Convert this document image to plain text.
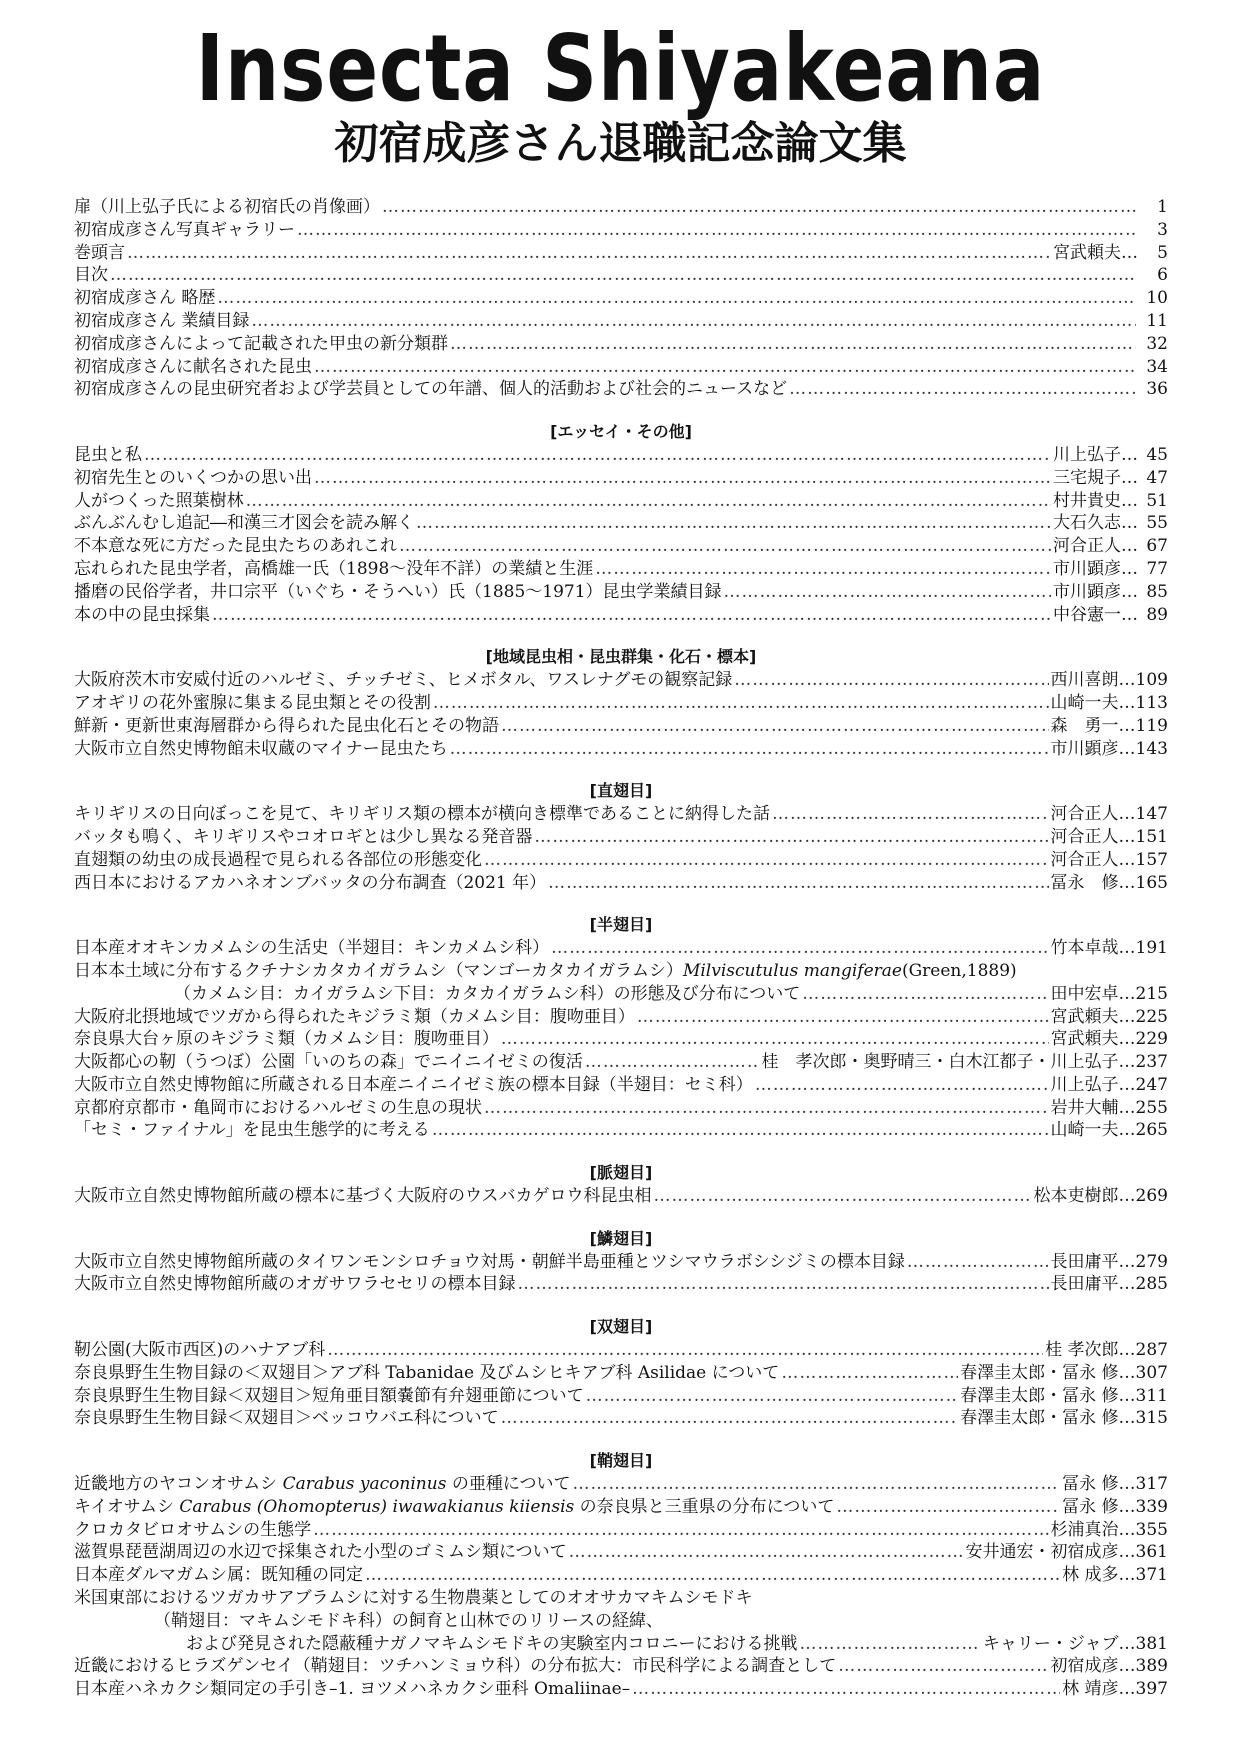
Insecta Shiyakeana
初宿成彦さん退職記念論文集
扉（川上弘子氏による初宿氏の肖像画） ………………………………………………………………………………………………………………………………………………………………………………………………………………	1
初宿成彦さん写真ギャラリー ………………………………………………………………………………………………………………………………………………………………………………………………………………	3
巻頭言 ………………………………………………………………………………………………………………………………………………………………………………………………………………	宮武頼夫 …	5
目次 ………………………………………………………………………………………………………………………………………………………………………………………………………………	6
初宿成彦さん 略歴 ………………………………………………………………………………………………………………………………………………………………………………………………………………	10
初宿成彦さん 業績目録 ………………………………………………………………………………………………………………………………………………………………………………………………………………	11
初宿成彦さんによって記載された甲虫の新分類群 ………………………………………………………………………………………………………………………………………………………………………………………………………………	32
初宿成彦さんに献名された昆虫 ………………………………………………………………………………………………………………………………………………………………………………………………………………	34
初宿成彦さんの昆虫研究者および学芸員としての年譜、個人的活動および社会的ニュースなど ………………………………………………………………………………………………………………………………………………………………………………………………………………	36
[エッセイ・その他]
昆虫と私 ………………………………………………………………………………………………………………………………………………………………………………………………………………	川上弘子 … 45
初宿先生とのいくつかの思い出 ………………………………………………………………………………………………………………………………………………………………………………………………………………	三宅規子 … 47
人がつくった照葉樹林 ………………………………………………………………………………………………………………………………………………………………………………………………………………	村井貴史 … 51
ぶんぶんむし追記―和漢三才図会を読み解く ………………………………………………………………………………………………………………………………………………………………………………………………………………	大石久志 … 55
不本意な死に方だった昆虫たちのあれこれ ………………………………………………………………………………………………………………………………………………………………………………………………………………	河合正人 … 67
忘れられた昆虫学者，高橋雄一氏（1898～没年不詳）の業績と生涯 ………………………………………………………………………………………………………………………………………………………………………………………………………………	市川顕彦 … 77
播磨の民俗学者，井口宗平（いぐち・そうへい）氏（1885～1971）昆虫学業績目録 ………………………………………………………………………………………………………………………………………………………………………………………………………………	市川顕彦 … 85
本の中の昆虫採集 ………………………………………………………………………………………………………………………………………………………………………………………………………………	中谷憲一 … 89
[地域昆虫相・昆虫群集・化石・標本]
大阪府茨木市安威付近のハルゼミ、チッチゼミ、ヒメボタル、ワスレナグモの観察記録 ………………………………………………………………………………………………………………………………………………………………………………………………………………	西川喜朗 … 109
アオギリの花外蜜腺に集まる昆虫類とその役割 ………………………………………………………………………………………………………………………………………………………………………………………………………………	山崎一夫 … 113
鮮新・更新世東海層群から得られた昆虫化石とその物語 ………………………………………………………………………………………………………………………………………………………………………………………………………………	森　勇一 … 119
大阪市立自然史博物館未収蔵のマイナー昆虫たち ………………………………………………………………………………………………………………………………………………………………………………………………………………	市川顕彦 … 143
[直翅目]
キリギリスの日向ぼっこを見て、キリギリス類の標本が横向き標準であることに納得した話 ………………………………………………………………………………………………………………………………………………………………………………………………………………	河合正人 … 147
バッタも鳴く、キリギリスやコオロギとは少し異なる発音器 ………………………………………………………………………………………………………………………………………………………………………………………………………………	河合正人 … 151
直翅類の幼虫の成長過程で見られる各部位の形態変化 ………………………………………………………………………………………………………………………………………………………………………………………………………………	河合正人 … 157
西日本におけるアカハネオンブバッタの分布調査（2021 年） ………………………………………………………………………………………………………………………………………………………………………………………………………………	冨永　修 … 165
[半翅目]
日本産オオキンカメムシの生活史（半翅目：キンカメムシ科） ………………………………………………………………………………………………………………………………………………………………………………………………………………	竹本卓哉 … 191
日本本土域に分布するクチナシカタカイガラムシ（マンゴーカタカイガラムシ）Milviscutulus mangiferae(Green,1889)
（カメムシ目：カイガラムシ下目：カタカイガラムシ科）の形態及び分布について ………………………………………………………………………………………………………………………………………………………………………………………………………………	田中宏卓 … 215
大阪府北摂地域でツガから得られたキジラミ類（カメムシ目：腹吻亜目） ………………………………………………………………………………………………………………………………………………………………………………………………………………	宮武頼夫 … 225
奈良県大台ヶ原のキジラミ類（カメムシ目：腹吻亜目） ………………………………………………………………………………………………………………………………………………………………………………………………………………	宮武頼夫 … 229
大阪都心の靭（うつぼ）公園「いのちの森」でニイニイゼミの復活 ………………………………………………………………………………………………………………………………………………………………………………………………………………	桂　孝次郎・奥野晴三・白木江都子・川上弘子 … 237
大阪市立自然史博物館に所蔵される日本産ニイニイゼミ族の標本目録（半翅目：セミ科） ………………………………………………………………………………………………………………………………………………………………………………………………………………	川上弘子 … 247
京都府京都市・亀岡市におけるハルゼミの生息の現状 ………………………………………………………………………………………………………………………………………………………………………………………………………………	岩井大輔 … 255
「セミ・ファイナル」を昆虫生態学的に考える ………………………………………………………………………………………………………………………………………………………………………………………………………………	山崎一夫 … 265
[脈翅目]
大阪市立自然史博物館所蔵の標本に基づく大阪府のウスバカゲロウ科昆虫相 ………………………………………………………………………………………………………………………………………………………………………………………………………………	松本吏樹郎 … 269
[鱗翅目]
大阪市立自然史博物館所蔵のタイワンモンシロチョウ対馬・朝鮮半島亜種とツシマウラボシシジミの標本目録 ………………………………………………………………………………………………………………………………………………………………………………………………………………	長田庸平 … 279
大阪市立自然史博物館所蔵のオガサワラセセリの標本目録 ………………………………………………………………………………………………………………………………………………………………………………………………………………	長田庸平 … 285
[双翅目]
靭公園(大阪市西区)のハナアブ科 ………………………………………………………………………………………………………………………………………………………………………………………………………………	桂 孝次郎 … 287
奈良県野生生物目録の＜双翅目＞アブ科 Tabanidae 及びムシヒキアブ科 Asilidae について ………………………………………………………………………………………………………………………………………………………………………………………………………………	春澤圭太郎・冨永 修 … 307
奈良県野生生物目録＜双翅目＞短角亜目額嚢節有弁翅亜節について ………………………………………………………………………………………………………………………………………………………………………………………………………………	春澤圭太郎・冨永 修 … 311
奈良県野生生物目録＜双翅目＞ベッコウバエ科について ………………………………………………………………………………………………………………………………………………………………………………………………………………	春澤圭太郎・冨永 修 … 315
[鞘翅目]
近畿地方のヤコンオサムシ Carabus yaconinus の亜種について ………………………………………………………………………………………………………………………………………………………………………………………………………………	冨永 修 … 317
キイオサムシ Carabus (Ohomopterus) iwawakianus kiiensis の奈良県と三重県の分布について ………………………………………………………………………………………………………………………………………………………………………………………………………………	冨永 修 … 339
クロカタビロオサムシの生態学 ………………………………………………………………………………………………………………………………………………………………………………………………………………	杉浦真治 … 355
滋賀県琵琶湖周辺の水辺で採集された小型のゴミムシ類について ………………………………………………………………………………………………………………………………………………………………………………………………………………	安井通宏・初宿成彦 … 361
日本産ダルマガムシ属：既知種の同定 ………………………………………………………………………………………………………………………………………………………………………………………………………………	林 成多 … 371
米国東部におけるツガカサアブラムシに対する生物農薬としてのオオサカマキムシモドキ
（鞘翅目：マキムシモドキ科）の飼育と山林でのリリースの経緯、
および発見された隠蔽種ナガノマキムシモドキの実験室内コロニーにおける挑戦 ………………………………………………………………………………………………………………………………………………………………………………………………………………	キャリー・ジャブ … 381
近畿におけるヒラズゲンセイ（鞘翅目：ツチハンミョウ科）の分布拡大：市民科学による調査として ………………………………………………………………………………………………………………………………………………………………………………………………………………	初宿成彦 … 389
日本産ハネカクシ類同定の手引き–1. ヨツメハネカクシ亜科 Omaliinae– ………………………………………………………………………………………………………………………………………………………………………………………………………………	林 靖彦 … 397
